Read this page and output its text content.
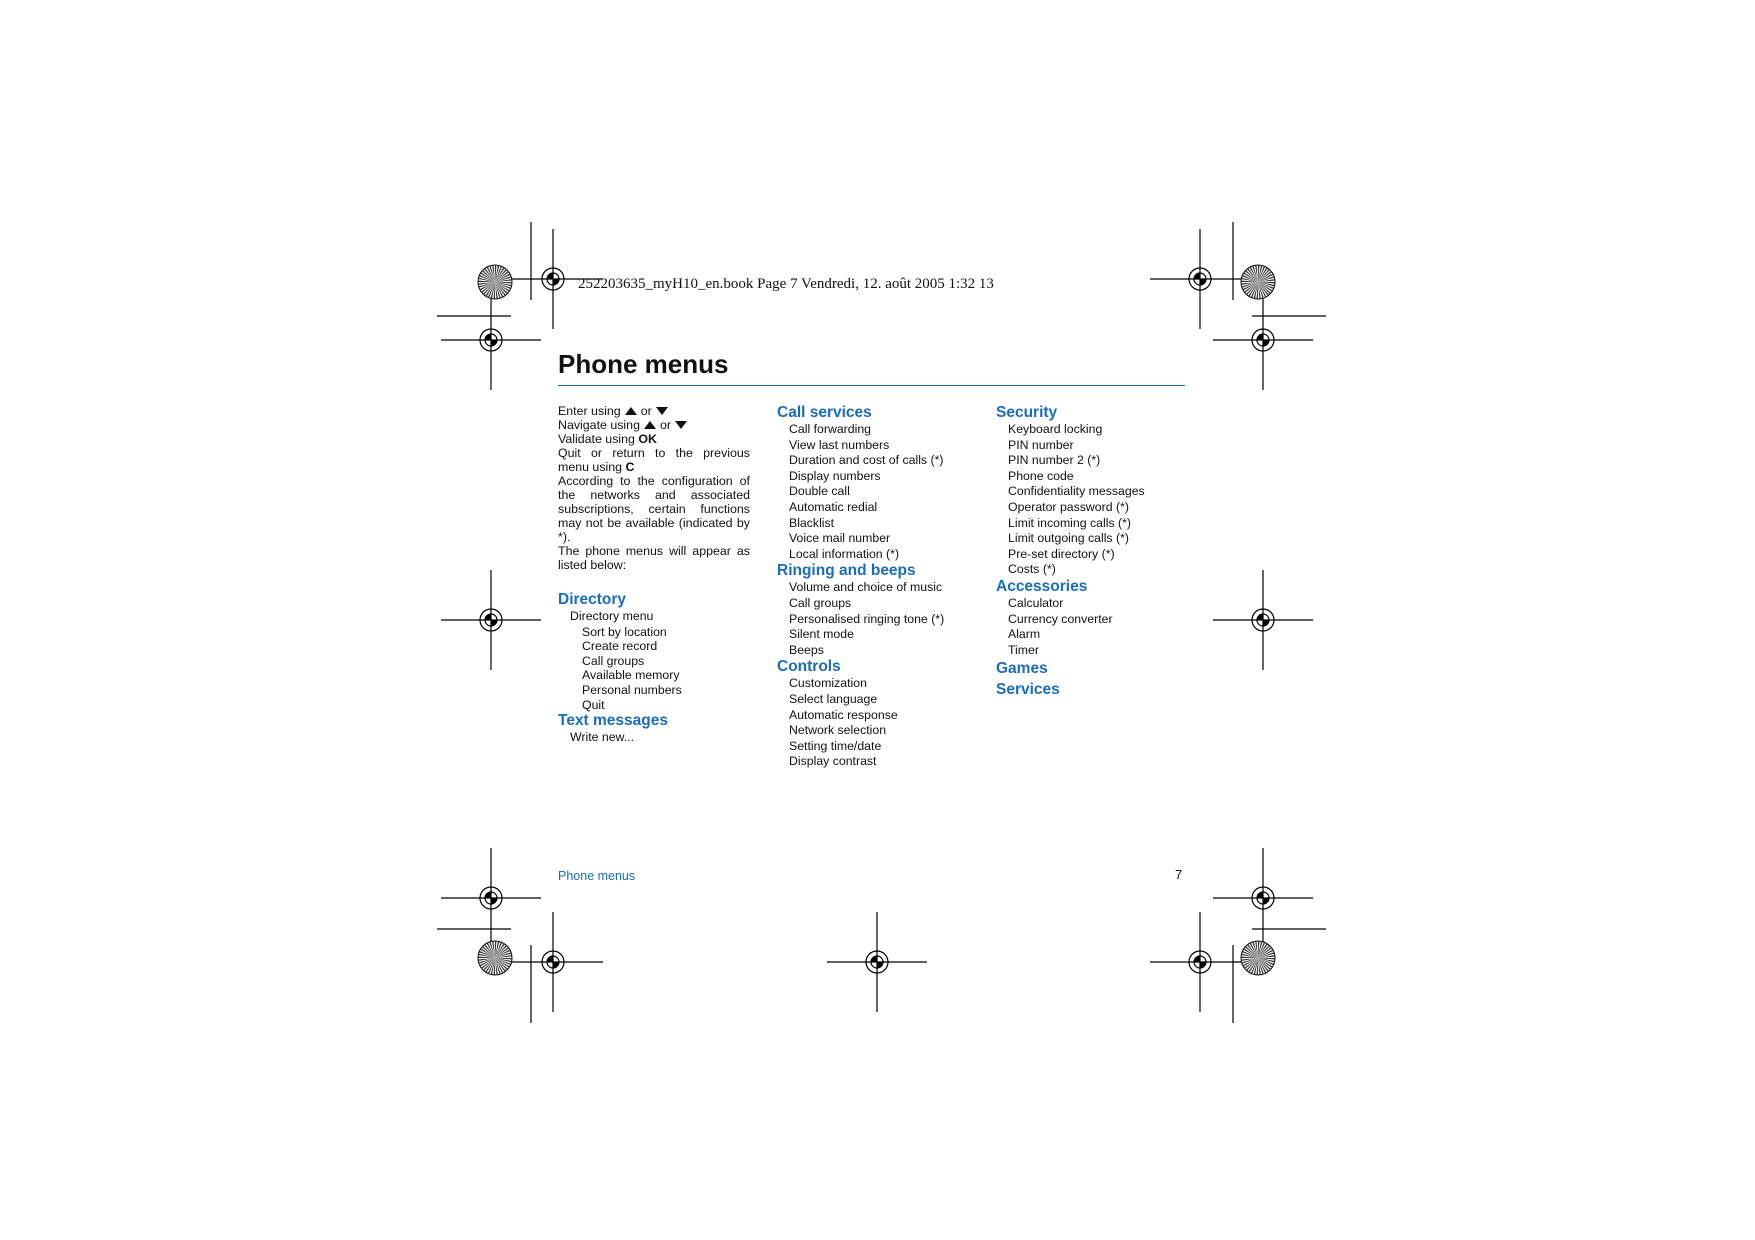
252203635_myH10_en.book Page 7 Vendredi, 12. août 2005 1:32 13
Phone menus

Enter using or

Navigate using or

Validate using OK

Quit or return to the previous menu using C

According to the configuration of the networks and associated subscriptions, certain functions may not be available (indicated by *).

The phone menus will appear as listed below:

Directory
Directory menu
Sort by location
Create record
Call groups
Available memory
Personal numbers
Quit
Text messages
Write new...
Call services
Call forwarding
View last numbers
Duration and cost of calls (*)
Display numbers
Double call
Automatic redial
Blacklist
Voice mail number
Local information (*)
Ringing and beeps
Volume and choice of music
Call groups
Personalised ringing tone (*)
Silent mode
Beeps
Controls
Customization
Select language
Automatic response
Network selection
Setting time/date
Display contrast
Security
Keyboard locking
PIN number
PIN number 2 (*)
Phone code
Confidentiality messages
Operator password (*)
Limit incoming calls (*)
Limit outgoing calls (*)
Pre-set directory (*)
Costs (*)
Accessories
Calculator
Currency converter
Alarm
Timer
Games
Services
Phone menus	7
